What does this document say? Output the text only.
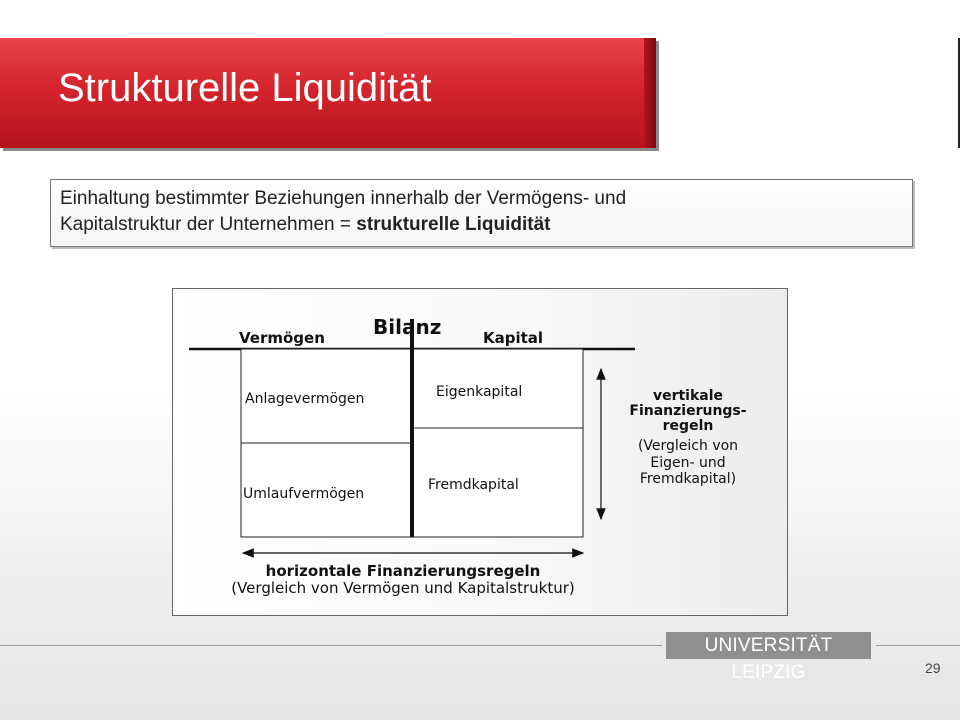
Strukturelle Liquidität
Einhaltung bestimmter Beziehungen innerhalb der Vermögens- und
Kapitalstruktur der Unternehmen = strukturelle Liquidität
Bilanz
Vermögen	Kapital
Anlagevermögen
Umlaufvermögen
Eigenkapital
Fremdkapital
vertikale
Finanzierungs-
regeln
(Vergleich von
Eigen- und
Fremdkapital)
horizontale Finanzierungsregeln
(Vergleich von Vermögen und Kapitalstruktur)
UNIVERSITÄT LEIPZIG	29
